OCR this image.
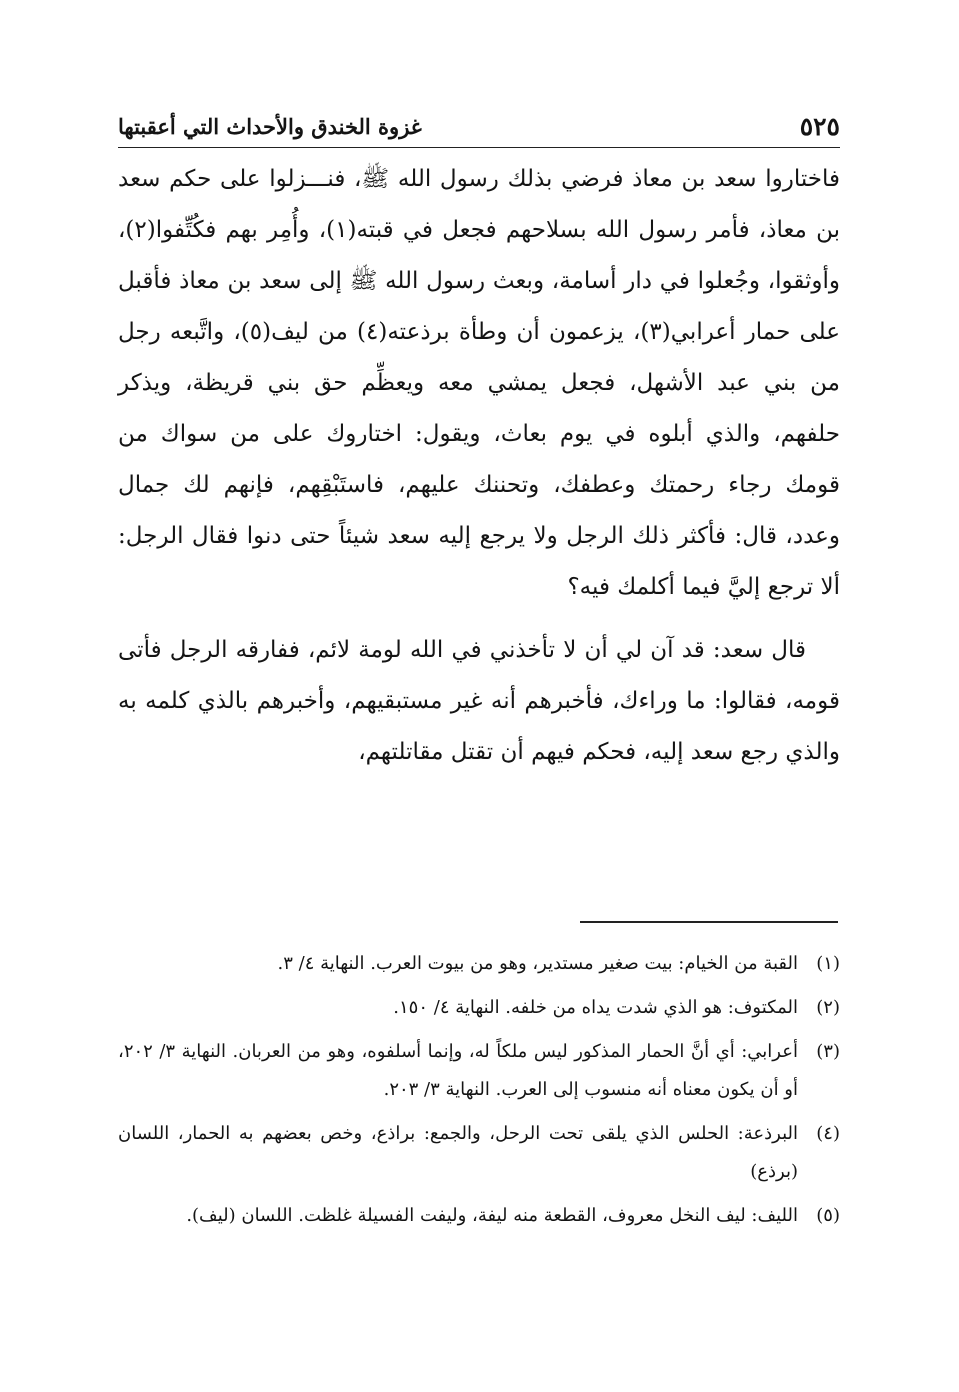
٥٢٥
غزوة الخندق والأحداث التي أعقبتها

فاختاروا سعد بن معاذ فرضي بذلك رسول الله ﷺ، فنـــزلوا على حكم سعد بن معاذ، فأمر رسول الله بسلاحهم فجعل في قبته(١)، وأُمِر بهم فكُتِّفوا(٢)، وأوثقوا، وجُعلوا في دار أسامة، وبعث رسول الله ﷺ إلى سعد بن معاذ فأقبل على حمار أعرابي(٣)، يزعمون أن وطأة برذعته(٤) من ليف(٥)، واتَّبعه رجل من بني عبد الأشهل، فجعل يمشي معه ويعظِّم حق بني قريظة، ويذكر حلفهم، والذي أبلوه في يوم بعاث، ويقول: اختاروك على من سواك من قومك رجاء رحمتك وعطفك، وتحننك عليهم، فاستَبْقِهم، فإنهم لك جمال وعدد، قال: فأكثر ذلك الرجل ولا يرجع إليه سعد شيئاً حتى دنوا فقال الرجل: ألا ترجع إليَّ فيما أكلمك فيه؟

قال سعد: قد آن لي أن لا تأخذني في الله لومة لائم، ففارقه الرجل فأتى قومه، فقالوا: ما وراءك، فأخبرهم أنه غير مستبقيهم، وأخبرهم بالذي كلمه به والذي رجع سعد إليه، فحكم فيهم أن تقتل مقاتلتهم،

(١)
القبة من الخيام: بيت صغير مستدير، وهو من بيوت العرب. النهاية ٤/ ٣.
(٢)
المكتوف: هو الذي شدت يداه من خلفه. النهاية ٤/ ١٥٠.
(٣)
أعرابي: أي أنَّ الحمار المذكور ليس ملكاً له، وإنما أسلفوه، وهو من العربان. النهاية ٣/ ٢٠٢، أو أن يكون معناه أنه منسوب إلى العرب. النهاية ٣/ ٢٠٣.
(٤)
البرذعة: الحلس الذي يلقى تحت الرحل، والجمع: براذع، وخص بعضهم به الحمار، اللسان (برذع)
(٥)
الليف: ليف النخل معروف، القطعة منه ليفة، وليفت الفسيلة غلظت. اللسان (ليف).
